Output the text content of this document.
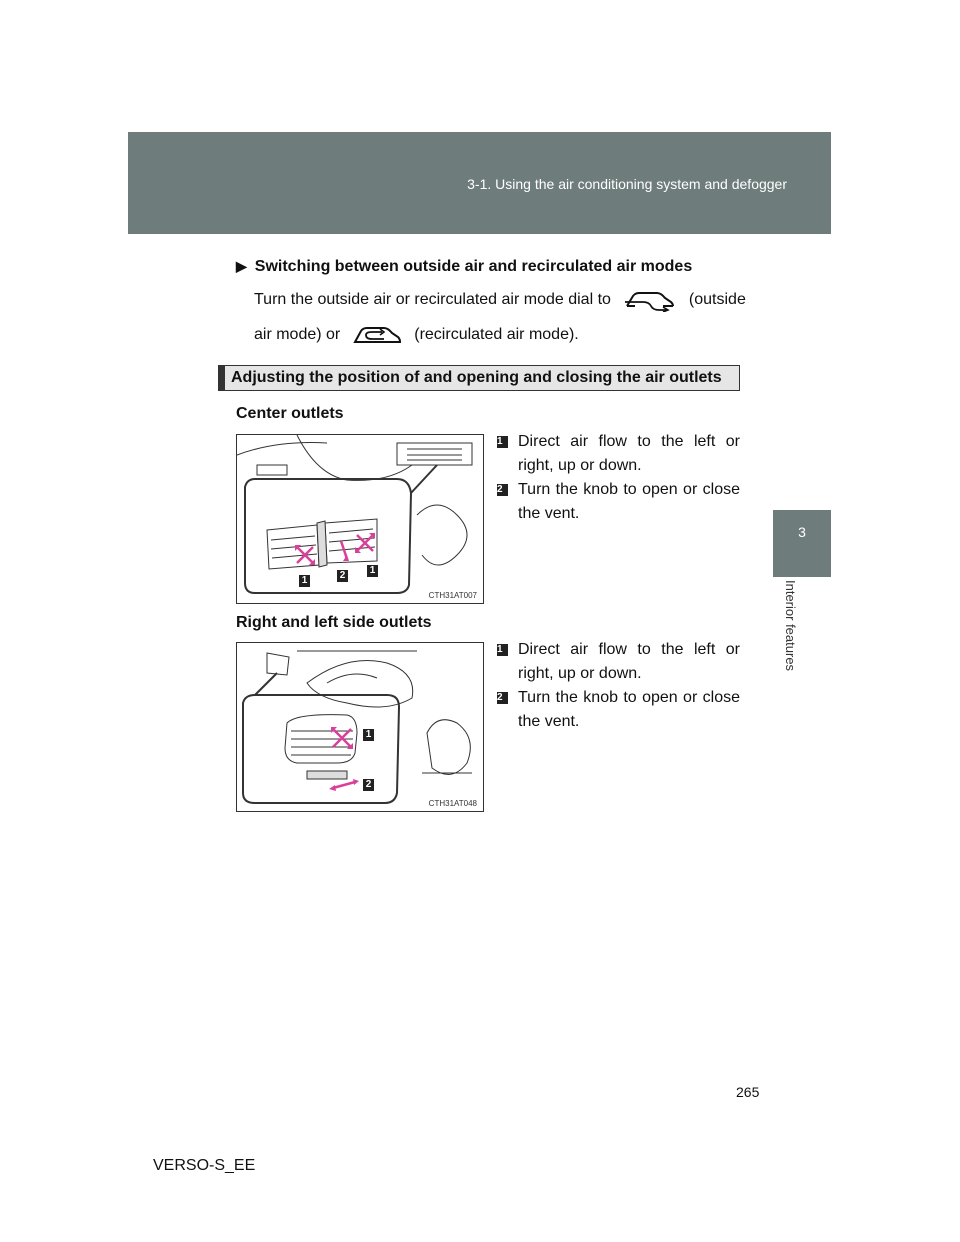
3-1. Using the air conditioning system and defogger
3
Interior features
▶ Switching between outside air and recirculated air modes
Turn the outside air or recirculated air mode dial to	(outside
air mode) or	(recirculated air mode).
Adjusting the position of and opening and closing the air outlets
Center outlets
1	2 1
CTH31AT007
1 Direct air flow to the left or right, up or down.
2 Turn the knob to open or close the vent.
Right and left side outlets
1
2
CTH31AT048
1 Direct air flow to the left or right, up or down.
2 Turn the knob to open or close the vent.
265
VERSO-S_EE
